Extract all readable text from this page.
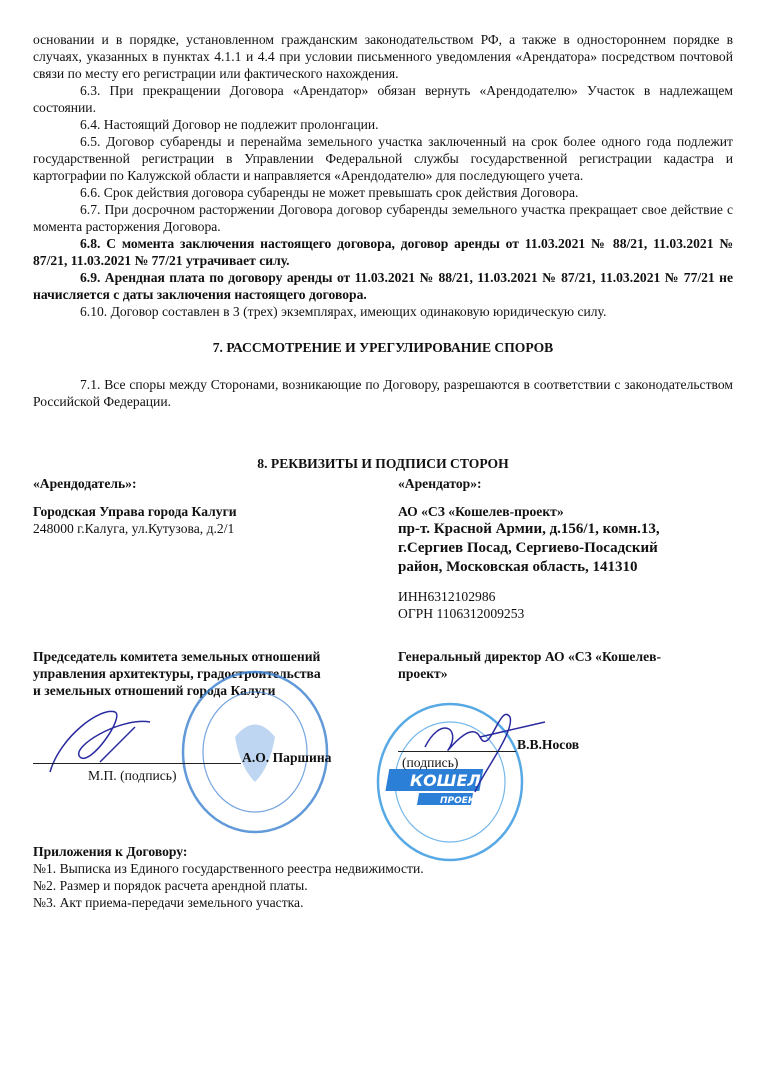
основании и в порядке, установленном гражданским законодательством РФ, а также в одностороннем порядке в случаях, указанных в пунктах 4.1.1 и 4.4 при условии письменного уведомления «Арендатора» посредством почтовой связи по месту его регистрации или фактического нахождения.

6.3. При прекращении Договора «Арендатор» обязан вернуть «Арендодателю» Участок в надлежащем состоянии.

6.4. Настоящий Договор не подлежит пролонгации.

6.5. Договор субаренды и перенайма земельного участка заключенный на срок более одного года подлежит государственной регистрации в Управлении Федеральной службы государственной регистрации кадастра и картографии по Калужской области и направляется «Арендодателю» для последующего учета.

6.6. Срок действия договора субаренды не может превышать срок действия Договора.

6.7. При досрочном расторжении Договора договор субаренды земельного участка прекращает свое действие с момента расторжения Договора.

6.8. С момента заключения настоящего договора, договор аренды от 11.03.2021 № 88/21, 11.03.2021 № 87/21, 11.03.2021 № 77/21 утрачивает силу.

6.9. Арендная плата по договору аренды от 11.03.2021 № 88/21, 11.03.2021 № 87/21, 11.03.2021 № 77/21 не начисляется с даты заключения настоящего договора.

6.10. Договор составлен в 3 (трех) экземплярах, имеющих одинаковую юридическую силу.

7. РАССМОТРЕНИЕ И УРЕГУЛИРОВАНИЕ СПОРОВ

7.1. Все споры между Сторонами, возникающие по Договору, разрешаются в соответствии с законодательством Российской Федерации.

8. РЕКВИЗИТЫ И ПОДПИСИ СТОРОН

«Арендодатель»:	«Арендатор»:
Городская Управа города Калуги
248000 г.Калуга, ул.Кутузова, д.2/1
АО «СЗ «Кошелев-проект»
пр-т. Красной Армии, д.156/1, комн.13,
г.Сергиев Посад, Сергиево-Посадский
район, Московская область, 141310
ИНН6312102986
ОГРН 1106312009253
Председатель комитета земельных отношений
управления архитектуры, градостроительства
и земельных отношений города Калуги
Генеральный директор АО «СЗ «Кошелев-
проект»
КОШЕЛЕВ
ПРОЕКТ
А.О. Паршина
М.П. (подпись)
В.В.Носов
(подпись)
Приложения к Договору:
№1. Выписка из Единого государственного реестра недвижимости.
№2. Размер и порядок расчета арендной платы.
№3. Акт приема-передачи земельного участка.
